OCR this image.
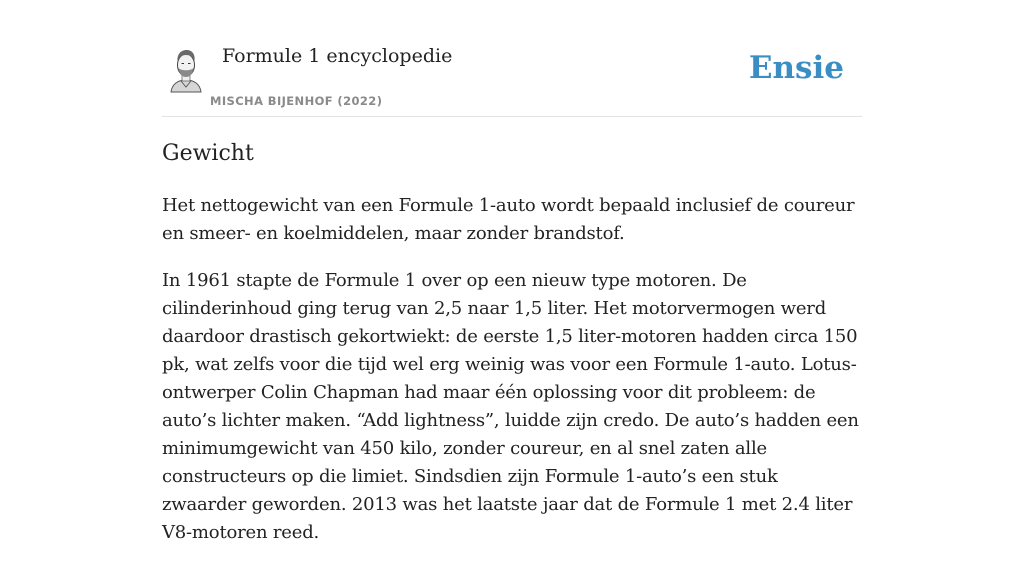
Formule 1 encyclopedie
MISCHA BIJENHOF (2022)
Ensie
Gewicht

Het nettogewicht van een Formule 1-auto wordt bepaald inclusief de coureur en smeer- en koelmiddelen, maar zonder brandstof.

In 1961 stapte de Formule 1 over op een nieuw type motoren. De cilinderinhoud ging terug van 2,5 naar 1,5 liter. Het motorvermogen werd daardoor drastisch gekortwiekt: de eerste 1,5 liter-motoren hadden circa 150 pk, wat zelfs voor die tijd wel erg weinig was voor een Formule 1-auto. Lotus-ontwerper Colin Chapman had maar één oplossing voor dit probleem: de auto’s lichter maken. “Add lightness”, luidde zijn credo. De auto’s hadden een minimumgewicht van 450 kilo, zonder coureur, en al snel zaten alle constructeurs op die limiet. Sindsdien zijn Formule 1-auto’s een stuk zwaarder geworden. 2013 was het laatste jaar dat de Formule 1 met 2.4 liter V8-motoren reed.
